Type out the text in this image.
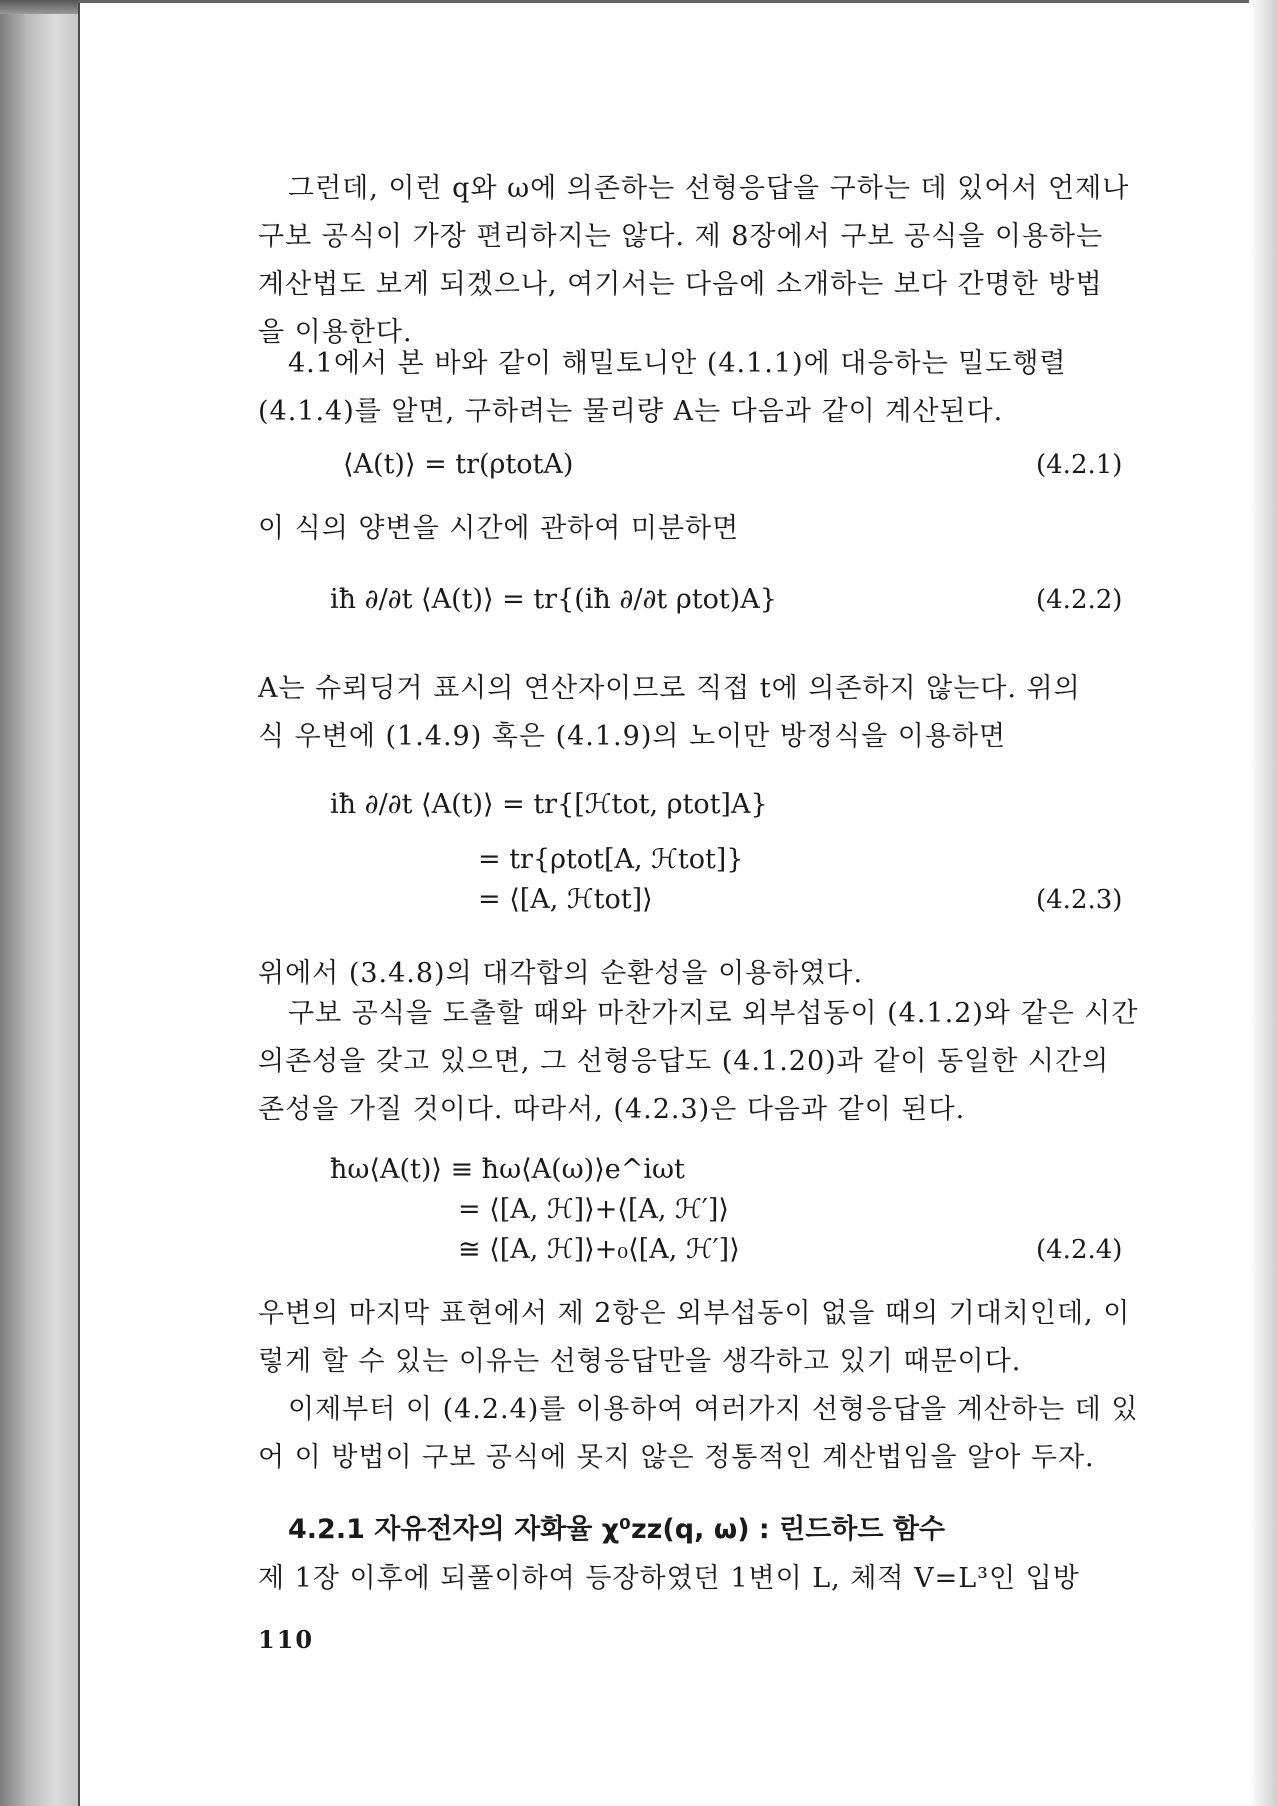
그런데, 이런 q와 ω에 의존하는 선형응답을 구하는 데 있어서 언제나
구보 공식이 가장 편리하지는 않다. 제 8장에서 구보 공식을 이용하는
계산법도 보게 되겠으나, 여기서는 다음에 소개하는 보다 간명한 방법
을 이용한다.
4.1에서 본 바와 같이 해밀토니안 (4.1.1)에 대응하는 밀도행렬
(4.1.4)를 알면, 구하려는 물리량 A는 다음과 같이 계산된다.
⟨A(t)⟩ = tr(ρtotA)	(4.2.1)
이 식의 양변을 시간에 관하여 미분하면
iħ ∂/∂t ⟨A(t)⟩ = tr{(iħ ∂/∂t ρtot)A}	(4.2.2)
A는 슈뢰딩거 표시의 연산자이므로 직접 t에 의존하지 않는다. 위의
식 우변에 (1.4.9) 혹은 (4.1.9)의 노이만 방정식을 이용하면
iħ ∂/∂t ⟨A(t)⟩ = tr{[ℋtot, ρtot]A}
= tr{ρtot[A, ℋtot]}
= ⟨[A, ℋtot]⟩	(4.2.3)
위에서 (3.4.8)의 대각합의 순환성을 이용하였다.
구보 공식을 도출할 때와 마찬가지로 외부섭동이 (4.1.2)와 같은 시간
의존성을 갖고 있으면, 그 선형응답도 (4.1.20)과 같이 동일한 시간의
존성을 가질 것이다. 따라서, (4.2.3)은 다음과 같이 된다.
ħω⟨A(t)⟩ ≡ ħω⟨A(ω)⟩e^iωt
= ⟨[A, ℋ]⟩+⟨[A, ℋ′]⟩
≅ ⟨[A, ℋ]⟩+₀⟨[A, ℋ′]⟩	(4.2.4)
우변의 마지막 표현에서 제 2항은 외부섭동이 없을 때의 기대치인데, 이
렇게 할 수 있는 이유는 선형응답만을 생각하고 있기 때문이다.
이제부터 이 (4.2.4)를 이용하여 여러가지 선형응답을 계산하는 데 있
어 이 방법이 구보 공식에 못지 않은 정통적인 계산법임을 알아 두자.
4.2.1 자유전자의 자화율 χ⁰zz(q, ω) : 린드하드 함수
제 1장 이후에 되풀이하여 등장하였던 1변이 L, 체적 V=L³인 입방
110
